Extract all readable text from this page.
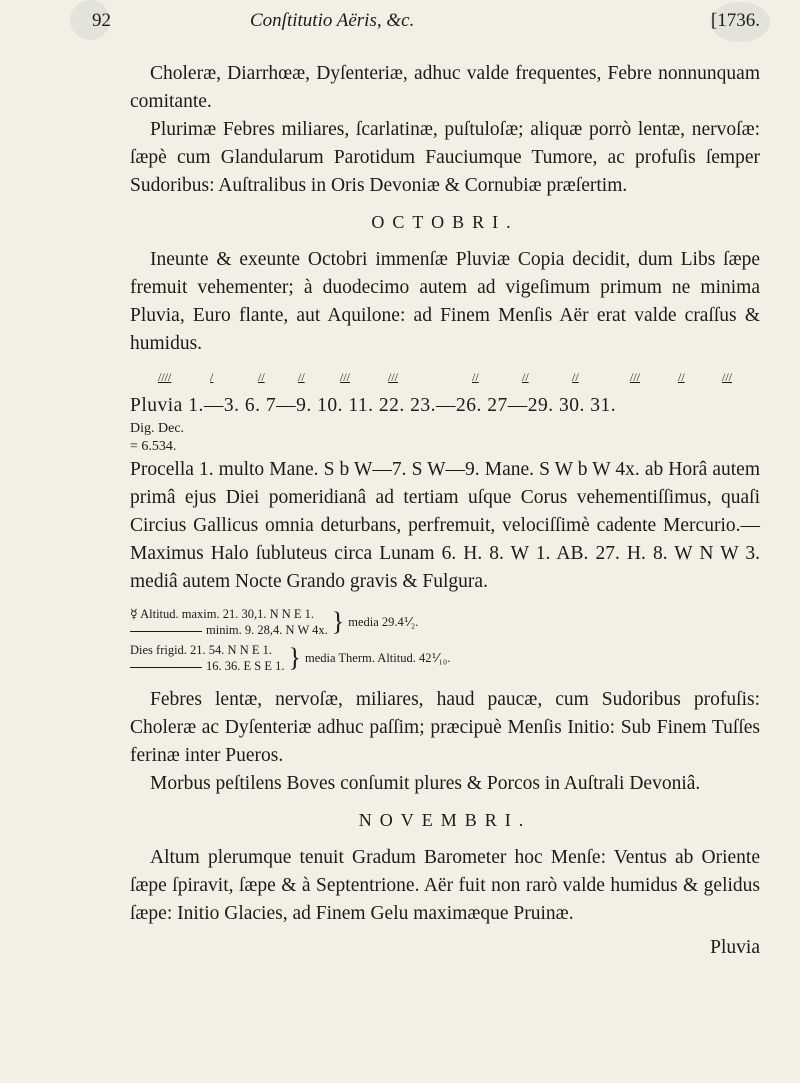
92	Conſtitutio Aëris, &c.	[1736.

Choleræ, Diarrhœæ, Dyſenteriæ, adhuc valde frequentes, Febre nonnunquam comitante.

Plurimæ Febres miliares, ſcarlatinæ, puſtuloſæ; aliquæ porrò lentæ, nervoſæ: ſæpè cum Glandularum Parotidum Fauciumque Tumore, ac profuſis ſemper Sudoribus: Auſtralibus in Oris Devoniæ & Cornubiæ præſertim.

OCTOBRI.

Ineunte & exeunte Octobri immenſæ Pluviæ Copia decidit, dum Libs ſæpe fremuit vehementer; à duodecimo autem ad vigeſimum primum ne minima Pluvia, Euro flante, aut Aquilone: ad Finem Menſis Aër erat valde craſſus & humidus.

////	/	//	//	///	///	//	//	//	///	//	///

Pluvia 1.—3. 6. 7—9. 10. 11. 22. 23.—26. 27—29. 30. 31.

Dig. Dec.
= 6.534.

Procella 1. multo Mane. S b W—7. S W—9. Mane. S W b W 4x. ab Horâ autem primâ ejus Diei pomeridianâ ad tertiam uſque Corus vehementiſſimus, quaſi Circius Gallicus omnia deturbans, perfremuit, velociſſimè cadente Mercurio.—Maximus Halo ſubluteus circa Lunam 6. H. 8. W 1. AB. 27. H. 8. W N W 3. mediâ autem Nocte Grando gravis & Fulgura.

☿ Altitud. maxim. 21. 30,1. N N E 1.
minim. 9. 28,4. N W 4x. } media 29.4⅟₂.
Dies frigid. 21. 54. N N E 1.
16. 36. E S E 1. } media Therm. Altitud. 42⅟₁₀.

Febres lentæ, nervoſæ, miliares, haud paucæ, cum Sudoribus profuſis: Choleræ ac Dyſenteriæ adhuc paſſim; præcipuè Menſis Initio: Sub Finem Tuſſes ferinæ inter Pueros.

Morbus peſtilens Boves conſumit plures & Porcos in Auſtrali Devoniâ.

NOVEMBRI.

Altum plerumque tenuit Gradum Barometer hoc Menſe: Ventus ab Oriente ſæpe ſpiravit, ſæpe & à Septentrione. Aër fuit non rarò valde humidus & gelidus ſæpe: Initio Glacies, ad Finem Gelu maximæque Pruinæ.

Pluvia
